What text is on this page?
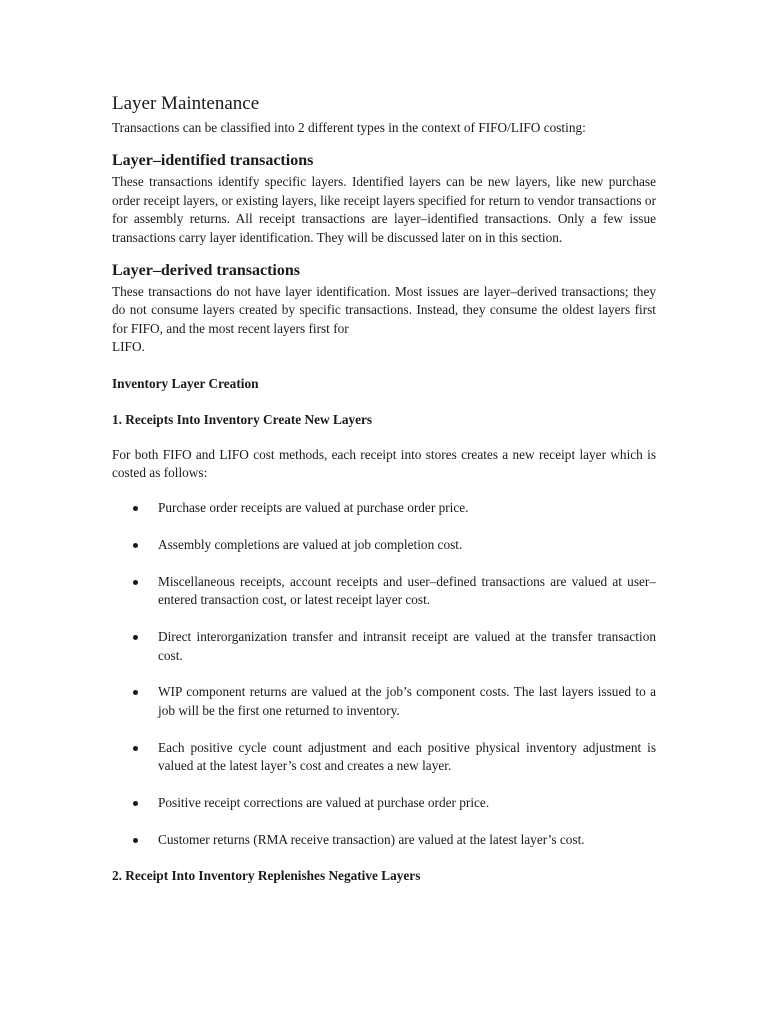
Layer Maintenance

Transactions can be classified into 2 different types in the context of FIFO/LIFO costing:

Layer–identified transactions

These transactions identify specific layers. Identified layers can be new layers, like new purchase order receipt layers, or existing layers, like receipt layers specified for return to vendor transactions or for assembly returns. All receipt transactions are layer–identified transactions. Only a few issue transactions carry layer identification. They will be discussed later on in this section.

Layer–derived transactions

These transactions do not have layer identification. Most issues are layer–derived transactions; they do not consume layers created by specific transactions. Instead, they consume the oldest layers first for FIFO, and the most recent layers first for
LIFO.

Inventory Layer Creation
1. Receipts Into Inventory Create New Layers

For both FIFO and LIFO cost methods, each receipt into stores creates a new receipt layer which is costed as follows:

Purchase order receipts are valued at purchase order price.
Assembly completions are valued at job completion cost.
Miscellaneous receipts, account receipts and user–defined transactions are valued at user–entered transaction cost, or latest receipt layer cost.
Direct interorganization transfer and intransit receipt are valued at the transfer transaction cost.
WIP component returns are valued at the job’s component costs. The last layers issued to a job will be the first one returned to inventory.
Each positive cycle count adjustment and each positive physical inventory adjustment is valued at the latest layer’s cost and creates a new layer.
Positive receipt corrections are valued at purchase order price.
Customer returns (RMA receive transaction) are valued at the latest layer’s cost.
2. Receipt Into Inventory Replenishes Negative Layers
